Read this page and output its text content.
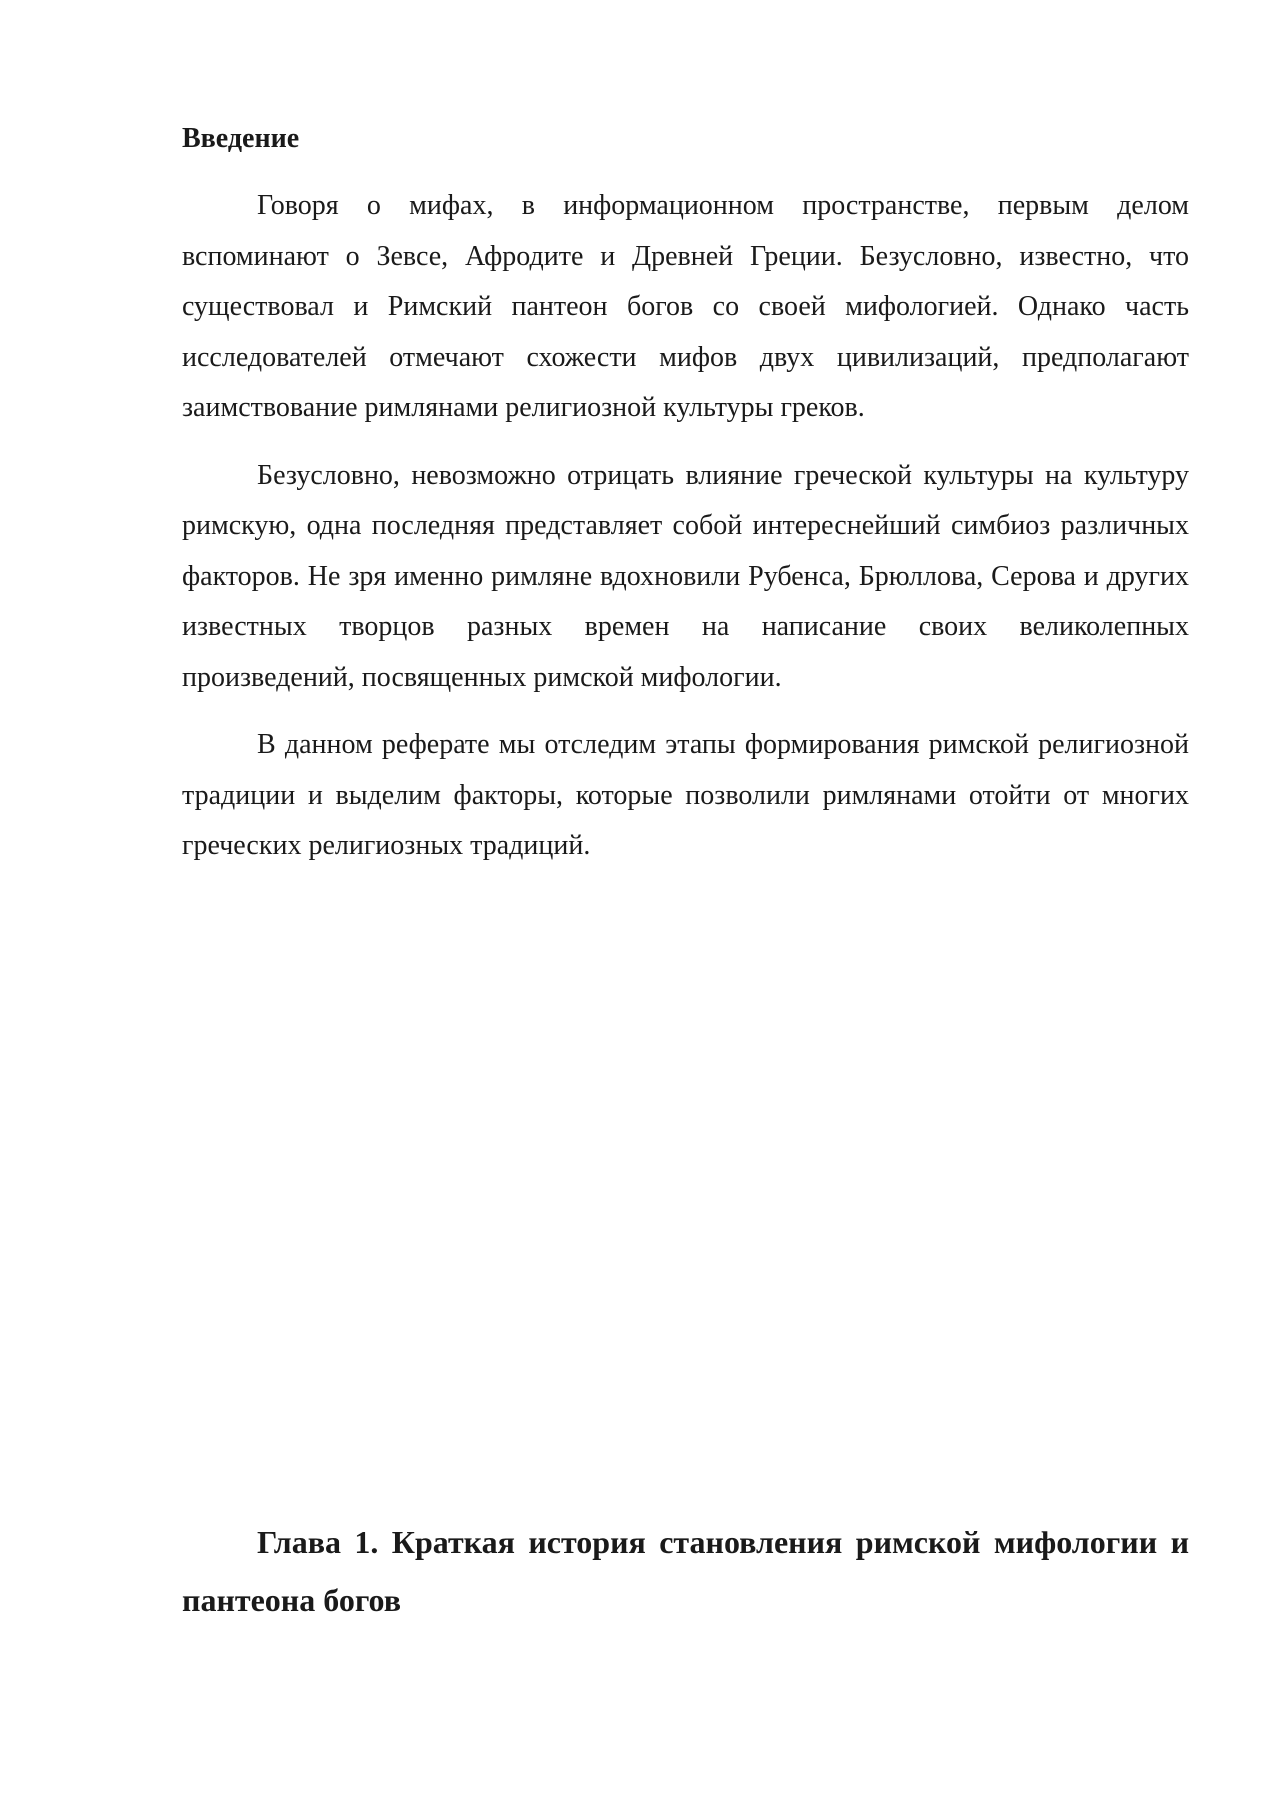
Введение

Говоря о мифах, в информационном пространстве, первым делом вспоминают о Зевсе, Афродите и Древней Греции. Безусловно, известно, что существовал и Римский пантеон богов со своей мифологией. Однако часть исследователей отмечают схожести мифов двух цивилизаций, предполагают заимствование римлянами религиозной культуры греков.

Безусловно, невозможно отрицать влияние греческой культуры на культуру римскую, одна последняя представляет собой интереснейший симбиоз различных факторов. Не зря именно римляне вдохновили Рубенса, Брюллова, Серова и других известных творцов разных времен на написание своих великолепных произведений, посвященных римской мифологии.

В данном реферате мы отследим этапы формирования римской религиозной традиции и выделим факторы, которые позволили римлянами отойти от многих греческих религиозных традиций.

Глава 1. Краткая история становления римской мифологии и пантеона богов
